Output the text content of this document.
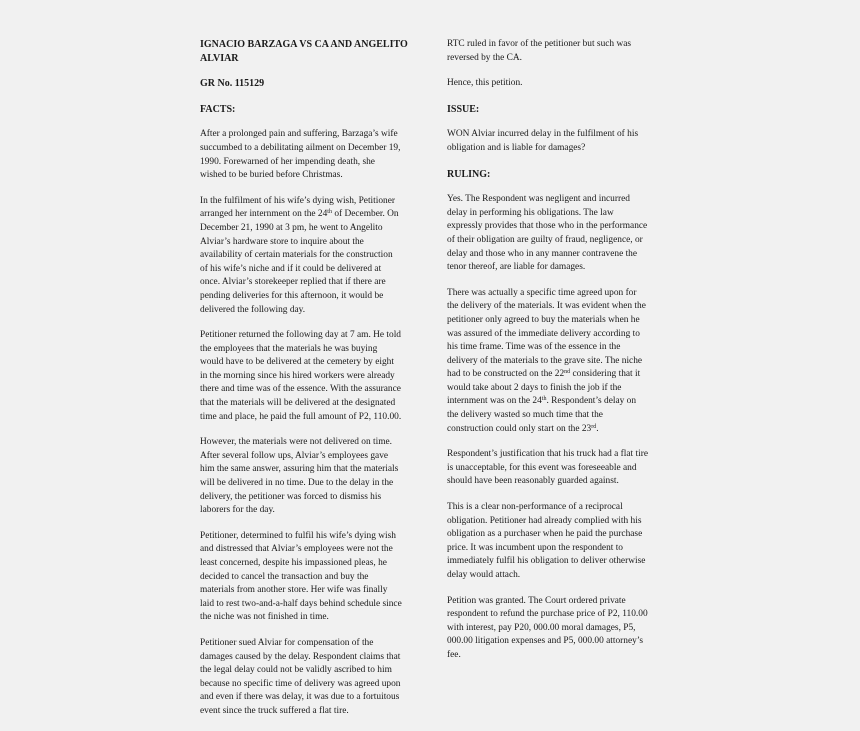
IGNACIO BARZAGA VS CA AND ANGELITO
ALVIAR
GR No. 115129
FACTS:
After a prolonged pain and suffering, Barzaga’s wife
succumbed to a debilitating ailment on December 19,
1990. Forewarned of her impending death, she
wished to be buried before Christmas.
In the fulfilment of his wife’s dying wish, Petitioner
arranged her internment on the 24th of December. On
December 21, 1990 at 3 pm, he went to Angelito
Alviar’s hardware store to inquire about the
availability of certain materials for the construction
of his wife’s niche and if it could be delivered at
once. Alviar’s storekeeper replied that if there are
pending deliveries for this afternoon, it would be
delivered the following day.
Petitioner returned the following day at 7 am. He told
the employees that the materials he was buying
would have to be delivered at the cemetery by eight
in the morning since his hired workers were already
there and time was of the essence. With the assurance
that the materials will be delivered at the designated
time and place, he paid the full amount of P2, 110.00.
However, the materials were not delivered on time.
After several follow ups, Alviar’s employees gave
him the same answer, assuring him that the materials
will be delivered in no time. Due to the delay in the
delivery, the petitioner was forced to dismiss his
laborers for the day.
Petitioner, determined to fulfil his wife’s dying wish
and distressed that Alviar’s employees were not the
least concerned, despite his impassioned pleas, he
decided to cancel the transaction and buy the
materials from another store. Her wife was finally
laid to rest two-and-a-half days behind schedule since
the niche was not finished in time.
Petitioner sued Alviar for compensation of the
damages caused by the delay. Respondent claims that
the legal delay could not be validly ascribed to him
because no specific time of delivery was agreed upon
and even if there was delay, it was due to a fortuitous
event since the truck suffered a flat tire.
RTC ruled in favor of the petitioner but such was
reversed by the CA.
Hence, this petition.
ISSUE:
WON Alviar incurred delay in the fulfilment of his
obligation and is liable for damages?
RULING:
Yes. The Respondent was negligent and incurred
delay in performing his obligations. The law
expressly provides that those who in the performance
of their obligation are guilty of fraud, negligence, or
delay and those who in any manner contravene the
tenor thereof, are liable for damages.
There was actually a specific time agreed upon for
the delivery of the materials. It was evident when the
petitioner only agreed to buy the materials when he
was assured of the immediate delivery according to
his time frame. Time was of the essence in the
delivery of the materials to the grave site. The niche
had to be constructed on the 22nd considering that it
would take about 2 days to finish the job if the
internment was on the 24th. Respondent’s delay on
the delivery wasted so much time that the
construction could only start on the 23rd.
Respondent’s justification that his truck had a flat tire
is unacceptable, for this event was foreseeable and
should have been reasonably guarded against.
This is a clear non-performance of a reciprocal
obligation. Petitioner had already complied with his
obligation as a purchaser when he paid the purchase
price. It was incumbent upon the respondent to
immediately fulfil his obligation to deliver otherwise
delay would attach.
Petition was granted. The Court ordered private
respondent to refund the purchase price of P2, 110.00
with interest, pay P20, 000.00 moral damages, P5,
000.00 litigation expenses and P5, 000.00 attorney’s
fee.
